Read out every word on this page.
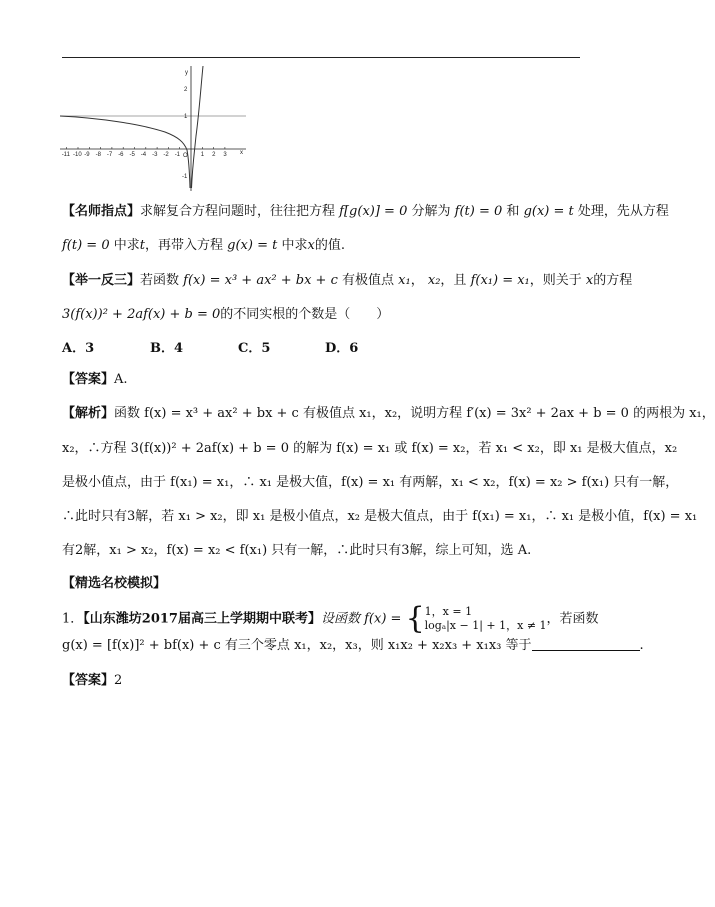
y
x
O
-11 -10 -9 -8 -7 -6 -5 -4 -3 -2 -1	1 2 3
2
1
-1
【名师指点】求解复合方程问题时，往往把方程 f[g(x)] = 0 分解为 f(t) = 0 和 g(x) = t 处理，先从方程
f(t) = 0 中求t，再带入方程 g(x) = t 中求x的值.
【举一反三】若函数 f(x) = x³ + ax² + bx + c 有极值点 x₁， x₂，且 f(x₁) = x₁，则关于 x的方程
3(f(x))² + 2af(x) + b = 0的不同实根的个数是（　　）
A．3	B．4	C．5	D．6
【答案】A.
【解析】函数 f(x) = x³ + ax² + bx + c 有极值点 x₁，x₂，说明方程 f′(x) = 3x² + 2ax + b = 0 的两根为 x₁，
x₂，∴方程 3(f(x))² + 2af(x) + b = 0 的解为 f(x) = x₁ 或 f(x) = x₂，若 x₁ < x₂，即 x₁ 是极大值点，x₂
是极小值点，由于 f(x₁) = x₁，∴ x₁ 是极大值，f(x) = x₁ 有两解，x₁ < x₂，f(x) = x₂ > f(x₁) 只有一解，
∴此时只有3解，若 x₁ > x₂，即 x₁ 是极小值点，x₂ 是极大值点，由于 f(x₁) = x₁，∴ x₁ 是极小值，f(x) = x₁
有2解，x₁ > x₂，f(x) = x₂ < f(x₁) 只有一解，∴此时只有3解，综上可知，选 A.
【精选名校模拟】
1．【山东潍坊2017届高三上学期期中联考】设函数 f(x) = {1，x = 1
logₐ|x − 1| + 1，x ≠ 1，若函数
g(x) = [f(x)]² + bf(x) + c 有三个零点 x₁，x₂，x₃，则 x₁x₂ + x₂x₃ + x₁x₃ 等于	.
【答案】2
